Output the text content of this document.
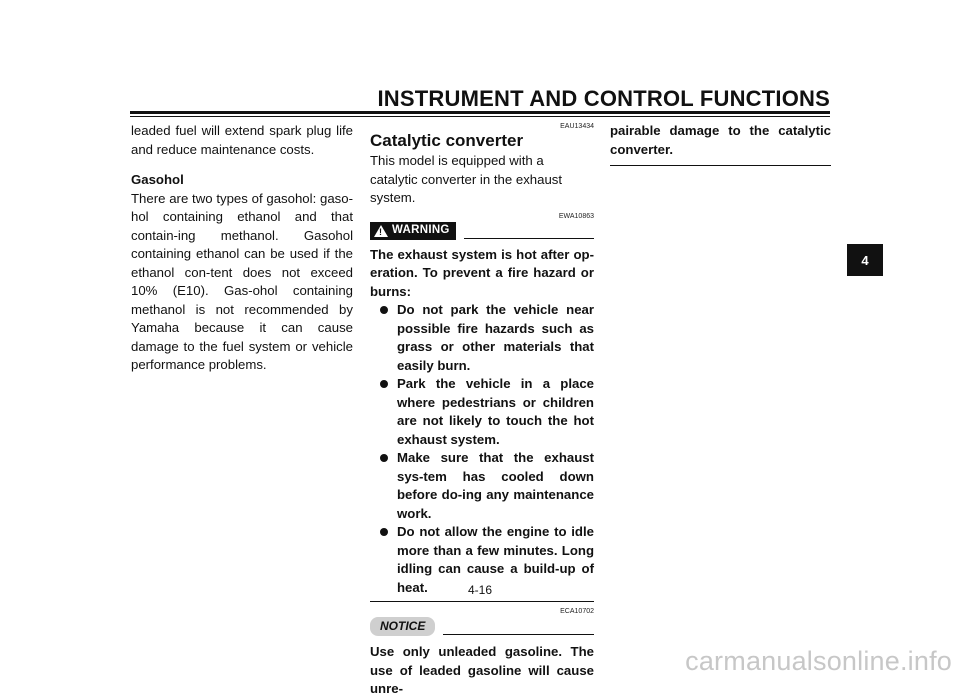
INSTRUMENT AND CONTROL FUNCTIONS
4
leaded fuel will extend spark plug life and reduce maintenance costs.
Gasohol
There are two types of gasohol: gaso-hol containing ethanol and that contain-ing methanol. Gasohol containing ethanol can be used if the ethanol con-tent does not exceed 10% (E10). Gas-ohol containing methanol is not recommended by Yamaha because it can cause damage to the fuel system or vehicle performance problems.
EAU13434
Catalytic converter
This model is equipped with a catalytic converter in the exhaust system.
EWA10863
!
WARNING
The exhaust system is hot after op-eration. To prevent a fire hazard or burns:
Do not park the vehicle near possible fire hazards such as grass or other materials that easily burn.
Park the vehicle in a place where pedestrians or children are not likely to touch the hot exhaust system.
Make sure that the exhaust sys-tem has cooled down before do-ing any maintenance work.
Do not allow the engine to idle more than a few minutes. Long idling can cause a build-up of heat.
ECA10702
NOTICE
Use only unleaded gasoline. The use of leaded gasoline will cause unre-
pairable damage to the catalytic converter.
4-16
carmanualsonline.info
